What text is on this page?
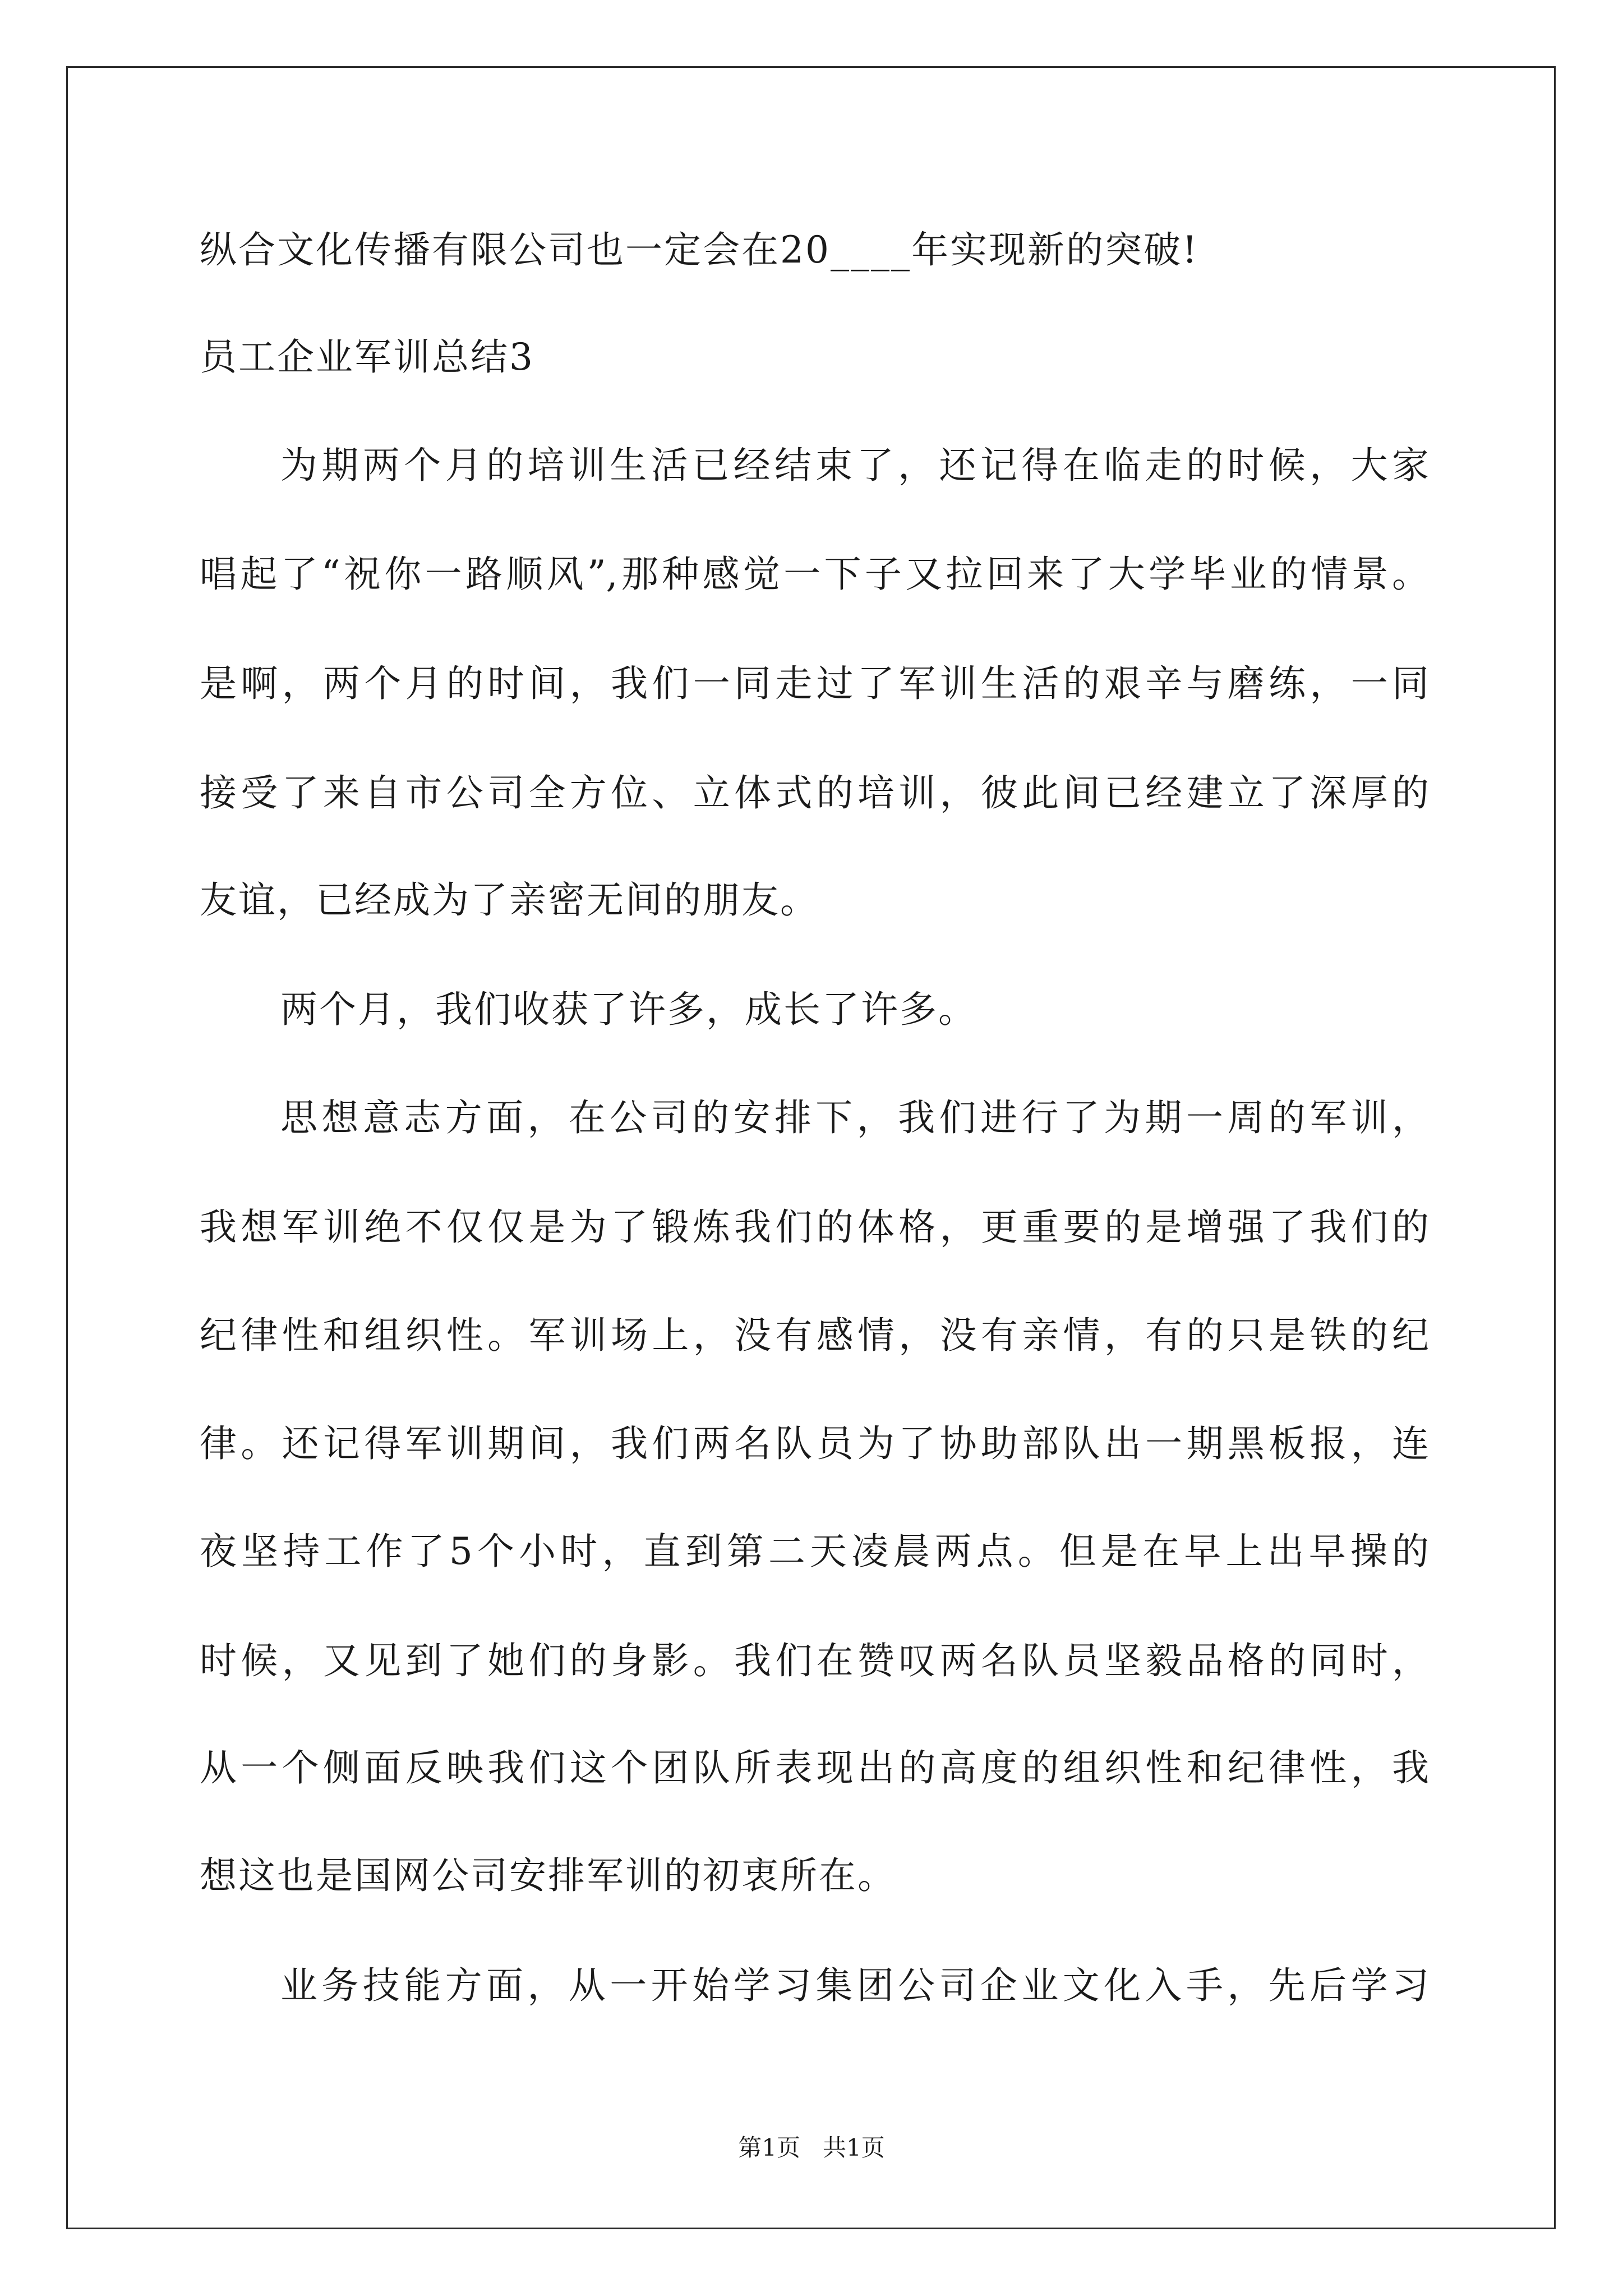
纵合文化传播有限公司也一定会在20____年实现新的突破!
员工企业军训总结3
为期两个月的培训生活已经结束了，还记得在临走的时候，大家
唱起了“祝你一路顺风”,那种感觉一下子又拉回来了大学毕业的情景。
是啊，两个月的时间，我们一同走过了军训生活的艰辛与磨练，一同
接受了来自市公司全方位、立体式的培训，彼此间已经建立了深厚的
友谊，已经成为了亲密无间的朋友。
两个月，我们收获了许多，成长了许多。
思想意志方面，在公司的安排下，我们进行了为期一周的军训，
我想军训绝不仅仅是为了锻炼我们的体格，更重要的是增强了我们的
纪律性和组织性。军训场上，没有感情，没有亲情，有的只是铁的纪
律。还记得军训期间，我们两名队员为了协助部队出一期黑板报，连
夜坚持工作了5个小时，直到第二天凌晨两点。但是在早上出早操的
时候，又见到了她们的身影。我们在赞叹两名队员坚毅品格的同时，
从一个侧面反映我们这个团队所表现出的高度的组织性和纪律性，我
想这也是国网公司安排军训的初衷所在。
业务技能方面，从一开始学习集团公司企业文化入手，先后学习
第1页   共1页
